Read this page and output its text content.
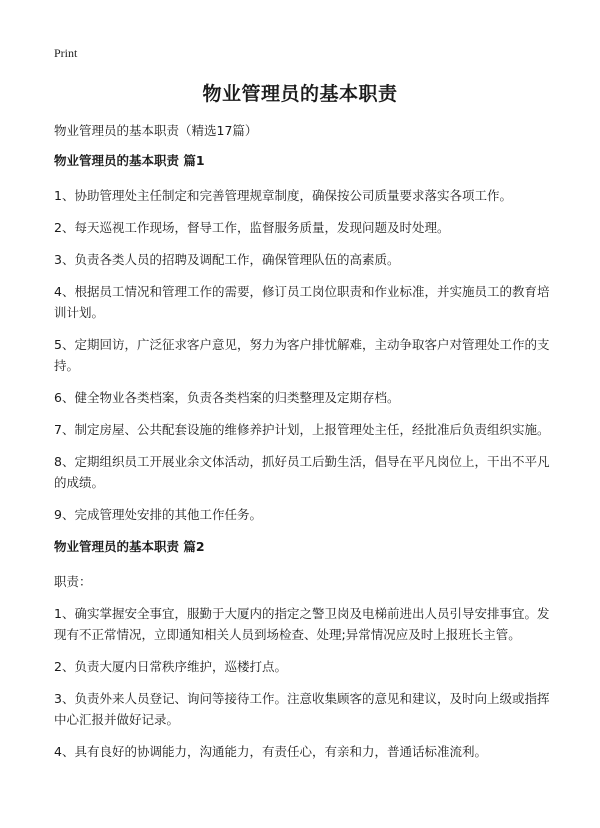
Print
物业管理员的基本职责
物业管理员的基本职责（精选17篇）
物业管理员的基本职责 篇1

1、协助管理处主任制定和完善管理规章制度，确保按公司质量要求落实各项工作。

2、每天巡视工作现场，督导工作，监督服务质量，发现问题及时处理。

3、负责各类人员的招聘及调配工作，确保管理队伍的高素质。

4、根据员工情况和管理工作的需要，修订员工岗位职责和作业标准，并实施员工的教育培训计划。

5、定期回访，广泛征求客户意见，努力为客户排忧解难，主动争取客户对管理处工作的支持。

6、健全物业各类档案，负责各类档案的归类整理及定期存档。

7、制定房屋、公共配套设施的维修养护计划，上报管理处主任，经批准后负责组织实施。

8、定期组织员工开展业余文体活动，抓好员工后勤生活，倡导在平凡岗位上，干出不平凡的成绩。

9、完成管理处安排的其他工作任务。

物业管理员的基本职责 篇2

职责：

1、确实掌握安全事宜，服勤于大厦内的指定之警卫岗及电梯前进出人员引导安排事宜。发现有不正常情况，立即通知相关人员到场检查、处理;异常情况应及时上报班长主管。

2、负责大厦内日常秩序维护，巡楼打点。

3、负责外来人员登记、询问等接待工作。注意收集顾客的意见和建议，及时向上级或指挥中心汇报并做好记录。

4、具有良好的协调能力，沟通能力，有责任心，有亲和力，普通话标准流利。
